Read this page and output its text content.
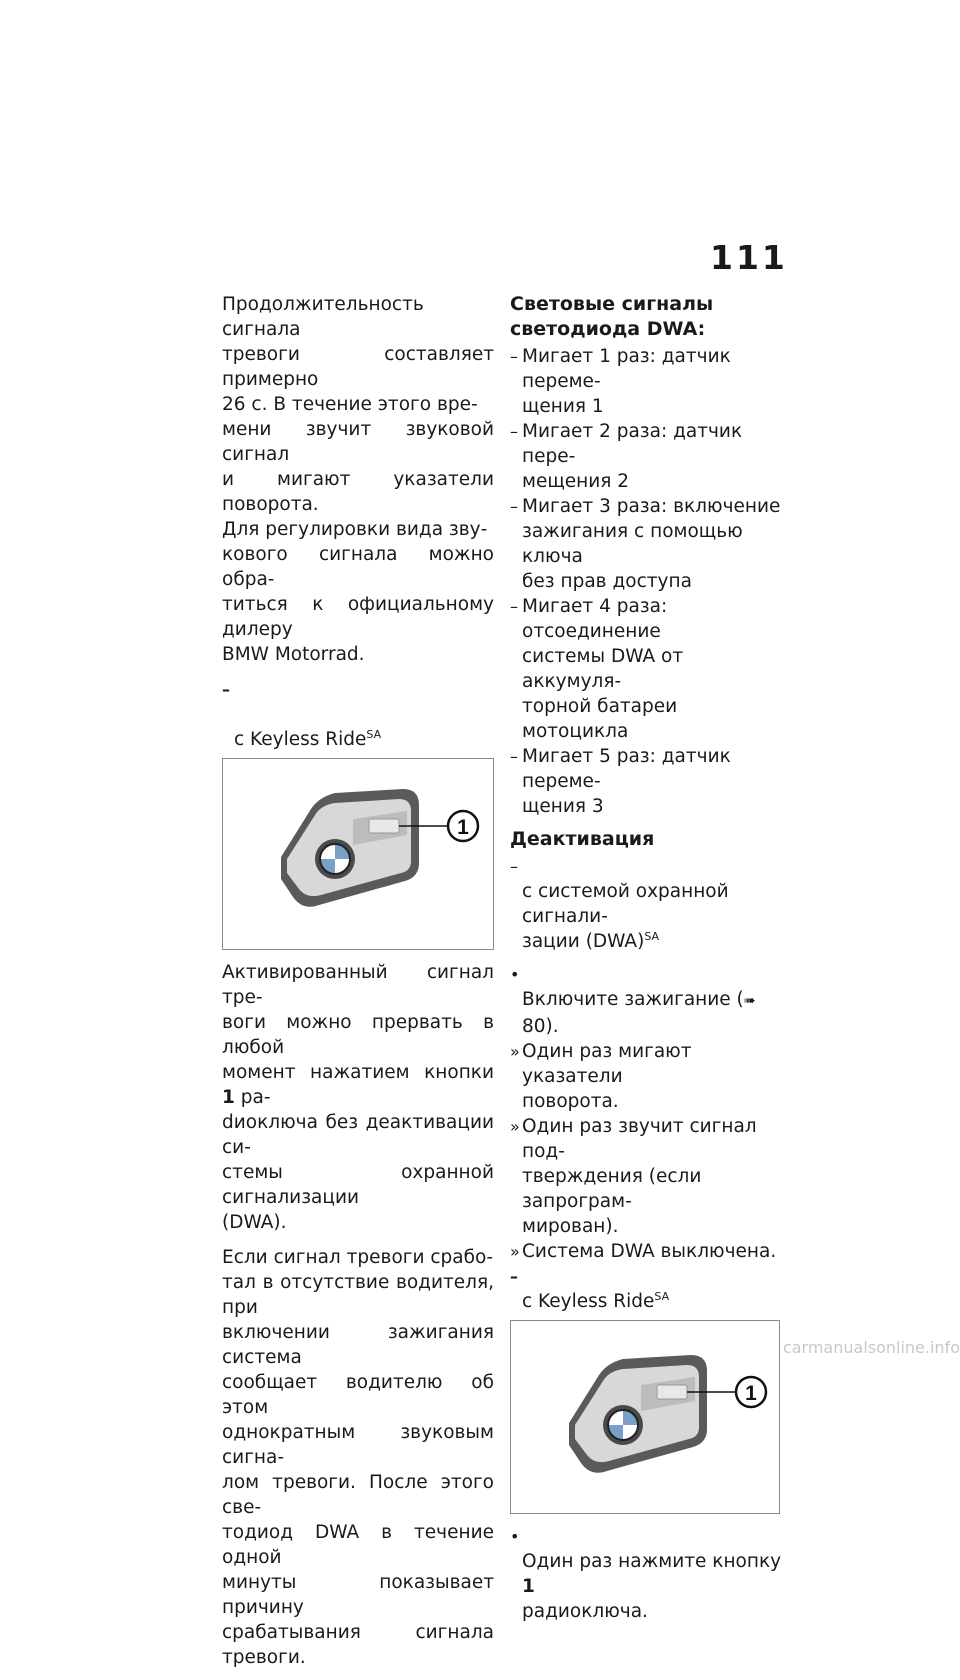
111

Продолжительность сигнала
тревоги составляет примерно
26 с. В течение этого вре-
мени звучит звуковой сигнал
и мигают указатели поворота.
Для регулировки вида зву-
кового сигнала можно обра-
титься к официальному дилеру
BMW Motorrad.

–

с Keyless Ride$^{SA}$

1

Активированный сигнал тре-
воги можно прервать в любой
момент нажатием кнопки 1 ра-
dиоключа без деактивации си-
стемы охранной сигнализации
(DWA).

Если сигнал тревоги срабо-
тал в отсутствие водителя, при
включении зажигания система
сообщает водителю об этом
однократным звуковым сигна-
лом тревоги. После этого све-
тодиод DWA в течение одной
минуты показывает причину
срабатывания сигнала тревоги.

Световые сигналы
светодиода DWA:
– Мигает 1 раз: датчик переме-
щения 1
– Мигает 2 раза: датчик пере-
мещения 2
– Мигает 3 раза: включение
зажигания с помощью ключа
без прав доступа
– Мигает 4 раза: отсоединение
системы DWA от аккумуля-
торной батареи мотоцикла
– Мигает 5 раз: датчик переме-
щения 3
Деактивация

–
с системой охранной сигнали-
зации (DWA)$^{SA}$

•
Включите зажигание (➠ 80).

» Один раз мигают указатели
поворота.
» Один раз звучит сигнал под-
тверждения (если запрограм-
мирован).
» Система DWA выключена.

–
с Keyless Ride$^{SA}$

1

•
Один раз нажмите кнопку 1
радиоключа.

carmanualsonline.info
